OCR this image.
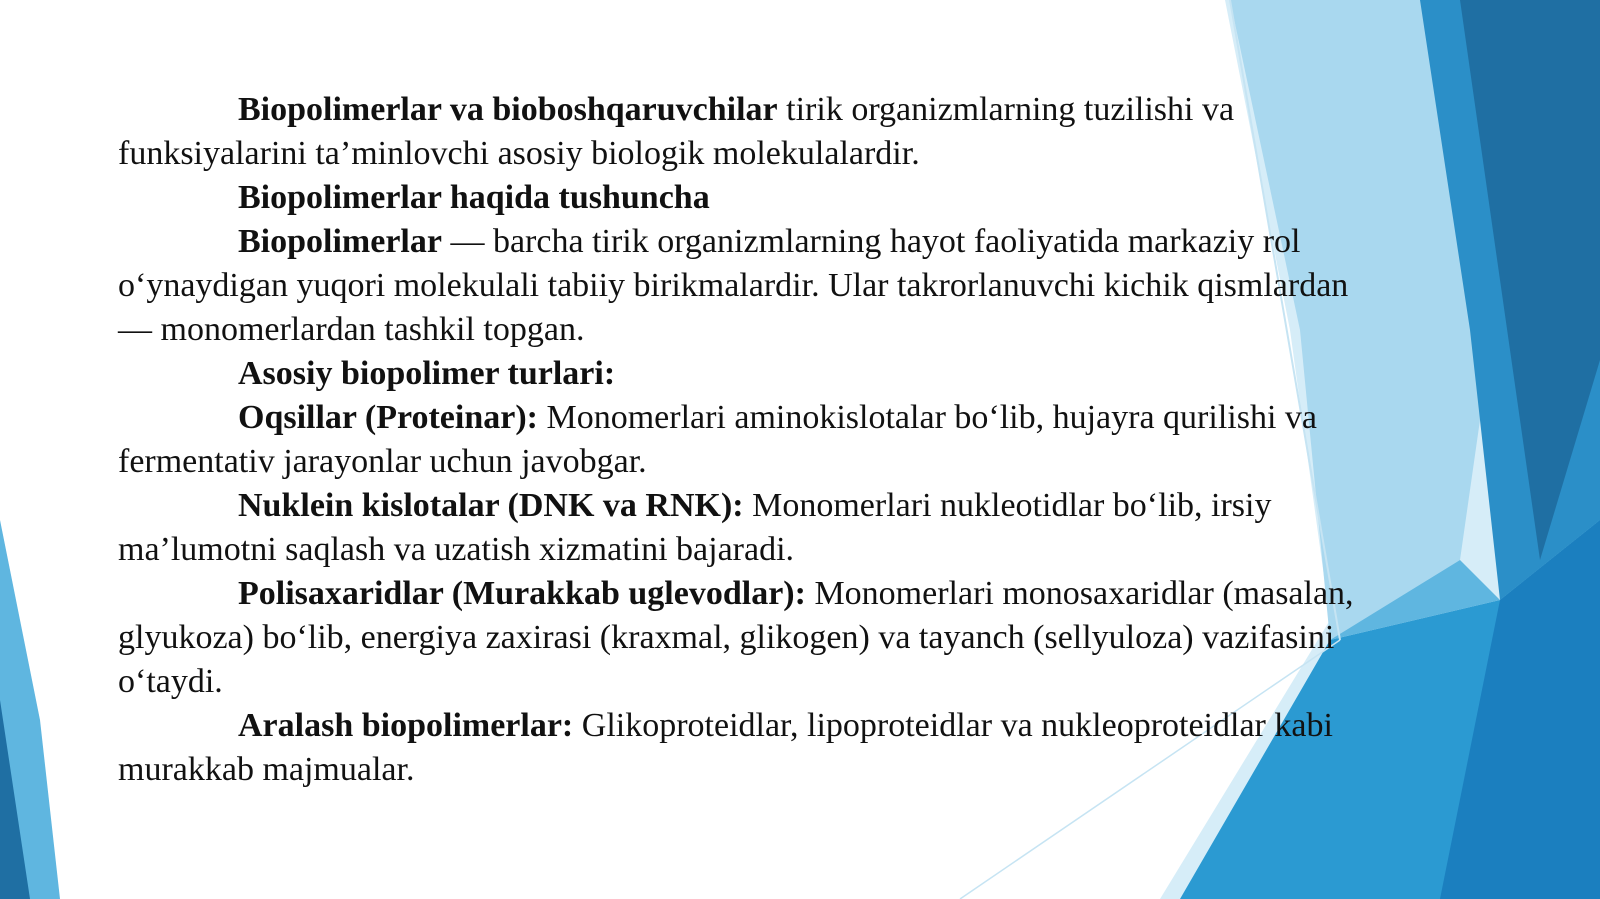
Biopolimerlar va bioboshqaruvchilar tirik organizmlarning tuzilishi va funksiyalarini ta’minlovchi asosiy biologik molekulalardir.

Biopolimerlar haqida tushuncha

Biopolimerlar — barcha tirik organizmlarning hayot faoliyatida markaziy rol o‘ynaydigan yuqori molekulali tabiiy birikmalardir. Ular takrorlanuvchi kichik qismlardan — monomerlardan tashkil topgan.

Asosiy biopolimer turlari:

Oqsillar (Proteinar): Monomerlari aminokislotalar bo‘lib, hujayra qurilishi va fermentativ jarayonlar uchun javobgar.

Nuklein kislotalar (DNK va RNK): Monomerlari nukleotidlar bo‘lib, irsiy ma’lumotni saqlash va uzatish xizmatini bajaradi.

Polisaxaridlar (Murakkab uglevodlar): Monomerlari monosaxaridlar (masalan, glyukoza) bo‘lib, energiya zaxirasi (kraxmal, glikogen) va tayanch (sellyuloza) vazifasini o‘taydi.

Aralash biopolimerlar: Glikoproteidlar, lipoproteidlar va nukleoproteidlar kabi murakkab majmualar.
